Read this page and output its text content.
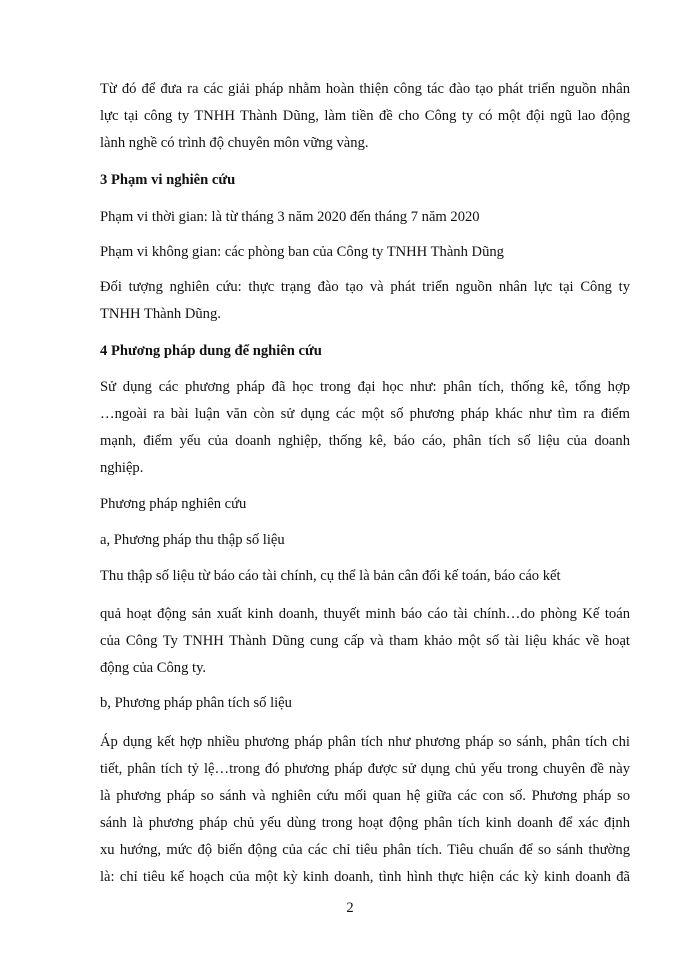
Từ đó để đưa ra các giải pháp nhằm hoàn thiện công tác đào tạo phát triển nguồn nhân
lực tại công ty TNHH Thành Dũng, làm tiền đề cho Công ty có một đội ngũ lao động
lành nghề có trình độ chuyên môn vững vàng.
3 Phạm vi nghiên cứu
Phạm vi thời gian: là từ tháng 3 năm 2020 đến tháng 7 năm 2020
Phạm vi không gian: các phòng ban của Công ty TNHH Thành Dũng
Đối tượng nghiên cứu: thực trạng đào tạo và phát triển nguồn nhân lực tại Công ty
TNHH Thành Dũng.
4 Phương pháp dung để nghiên cứu
Sử dụng các phương pháp đã học trong đại học như: phân tích, thống kê, tổng hợp
…ngoài ra bài luận văn còn sử dụng các một số phương pháp khác như tìm ra điểm
mạnh, điểm yếu của doanh nghiệp, thống kê, báo cáo, phân tích số liệu của doanh
nghiệp.
Phương pháp nghiên cứu
a, Phương pháp thu thập số liệu
Thu thập số liệu từ báo cáo tài chính, cụ thể là bản cân đối kế toán, báo cáo kết
quả hoạt động sản xuất kinh doanh, thuyết minh báo cáo tài chính…do phòng Kế toán
của Công Ty TNHH Thành Dũng cung cấp và tham khảo một số tài liệu khác về hoạt
động của Công ty.
b, Phương pháp phân tích số liệu
Áp dụng kết hợp nhiều phương pháp phân tích như phương pháp so sánh, phân tích chi
tiết, phân tích tỷ lệ…trong đó phương pháp được sử dụng chủ yếu trong chuyên đề này
là phương pháp so sánh và nghiên cứu mối quan hệ giữa các con số. Phương pháp so
sánh là phương pháp chủ yếu dùng trong hoạt động phân tích kinh doanh để xác định
xu hướng, mức độ biến động của các chỉ tiêu phân tích. Tiêu chuẩn để so sánh thường
là: chỉ tiêu kế hoạch của một kỳ kinh doanh, tình hình thực hiện các kỳ kinh doanh đã
2
